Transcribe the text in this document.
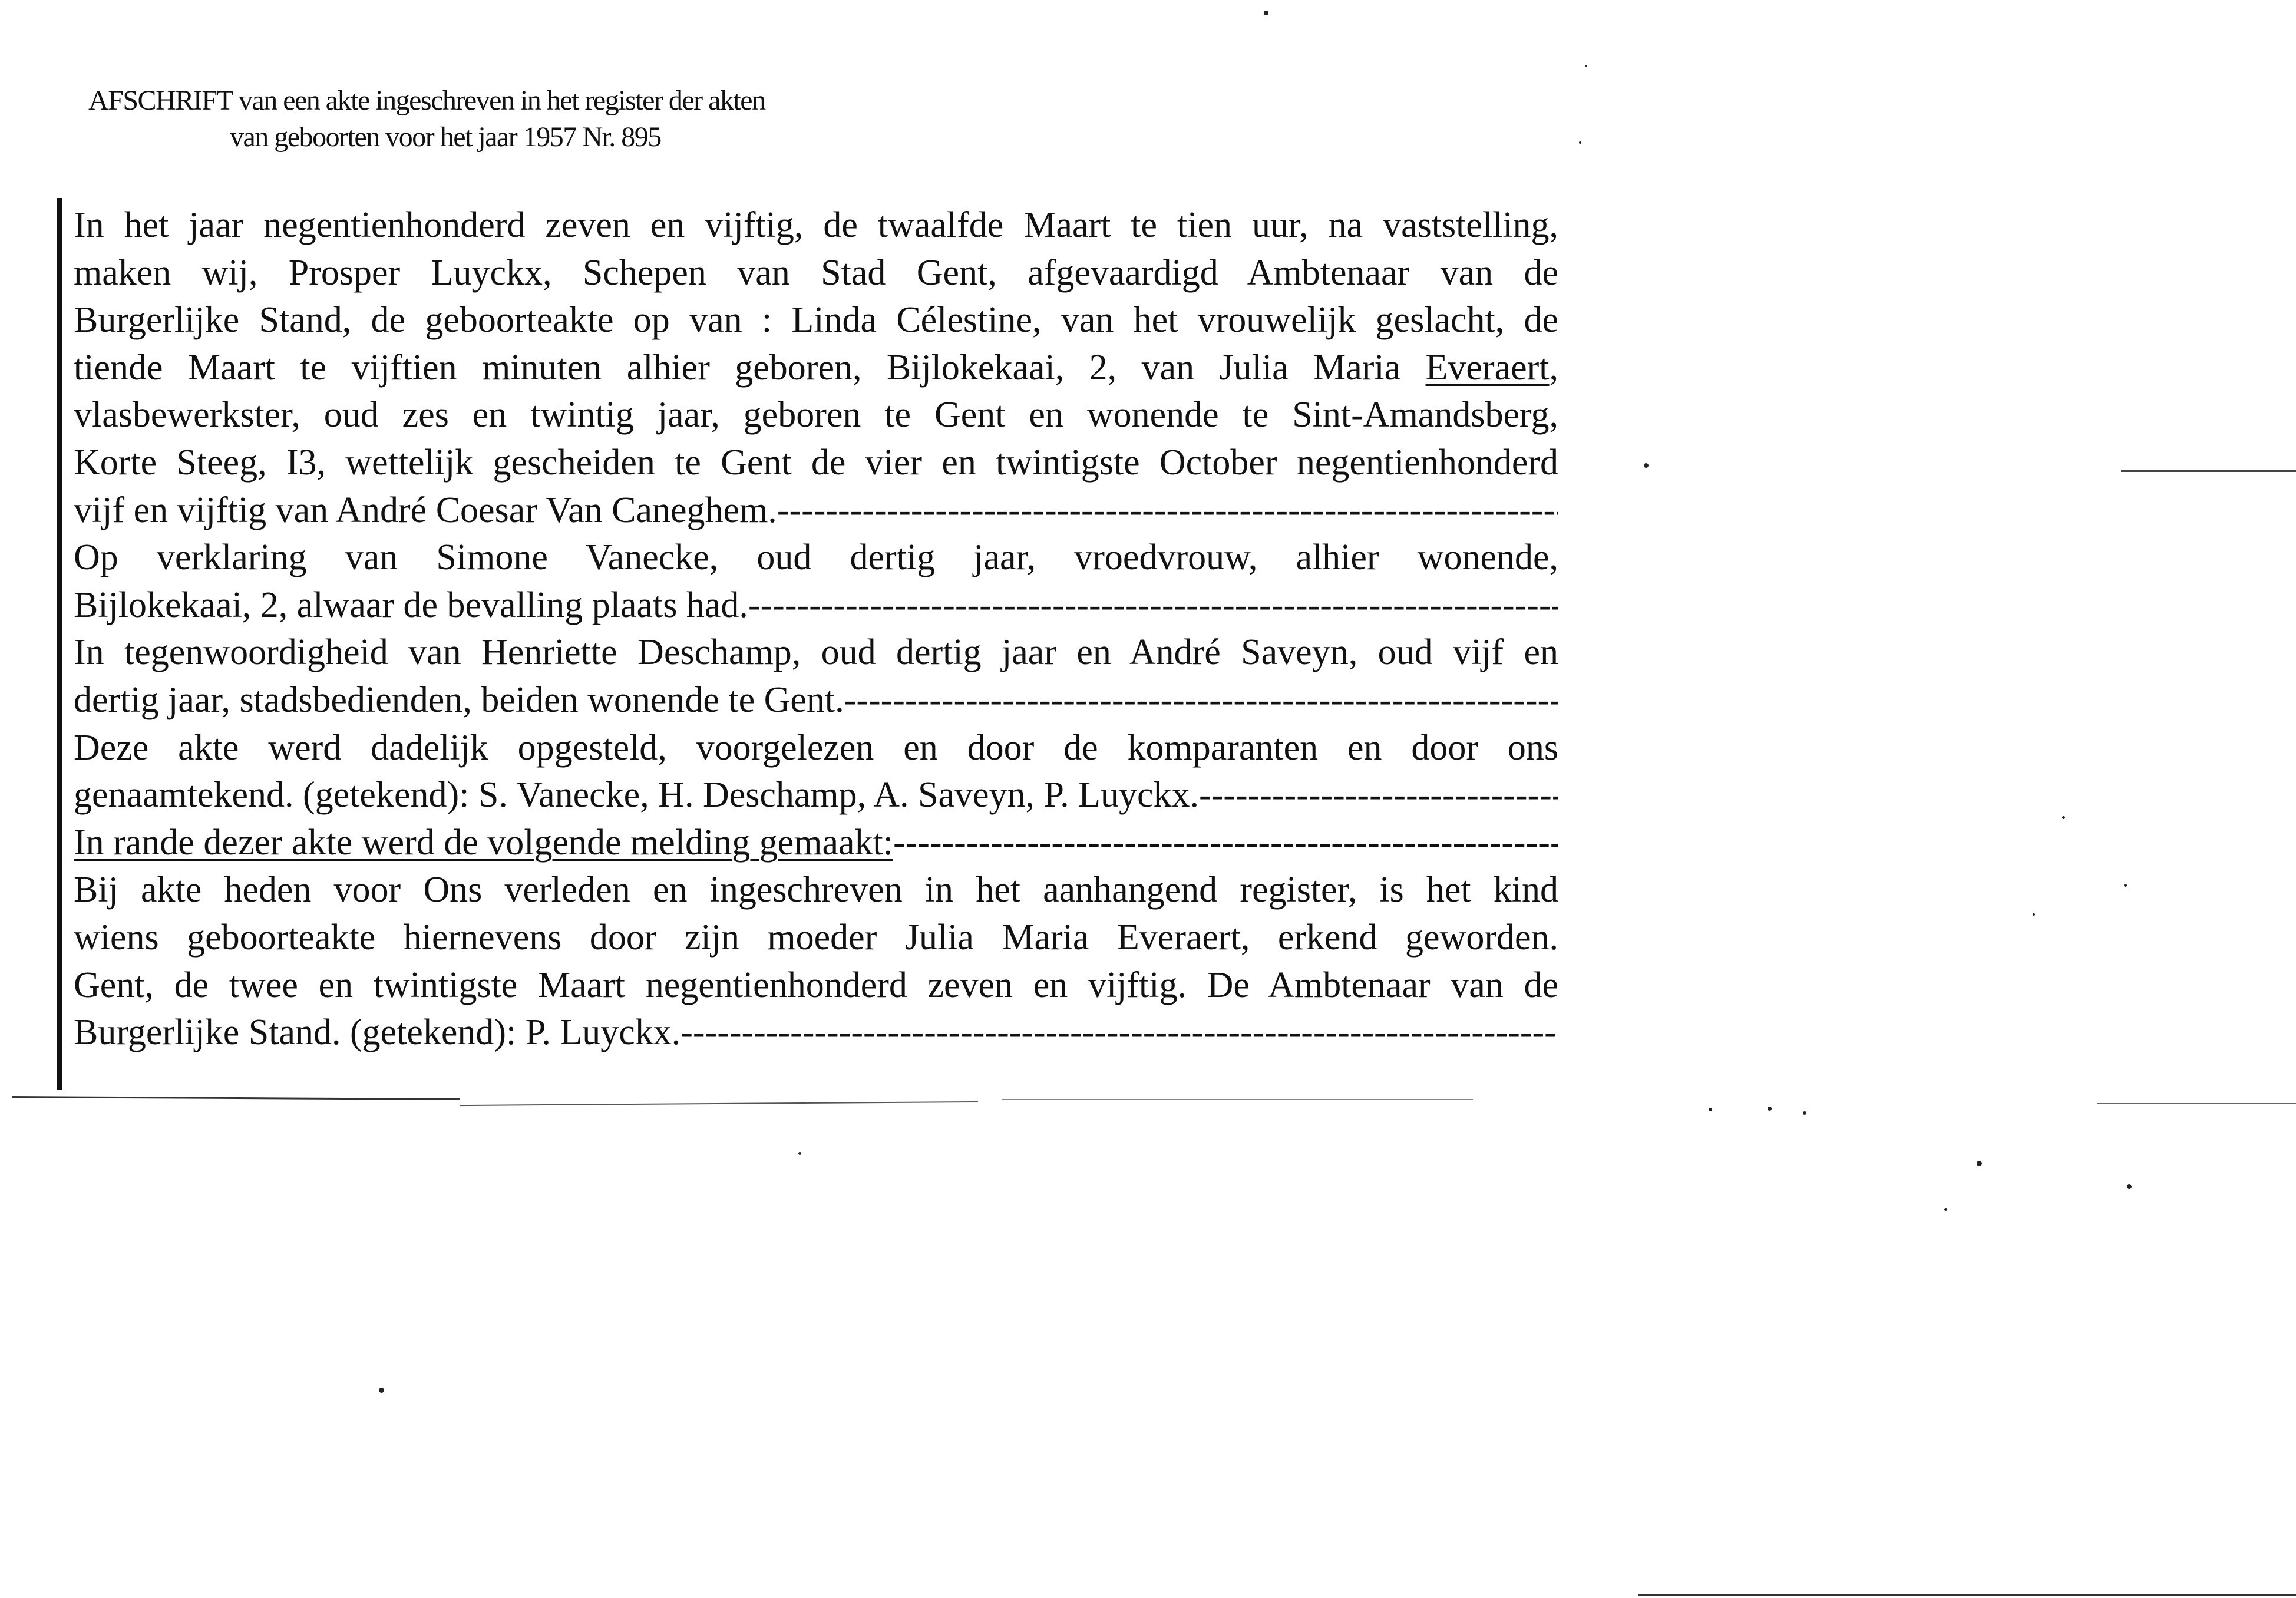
AFSCHRIFT van een akte ingeschreven in het register der akten
van geboorten voor het jaar 1957 Nr. 895

In het jaar negentienhonderd zeven en vijftig, de twaalfde Maart te tien uur, na vaststelling,

maken wij, Prosper Luyckx, Schepen van Stad Gent, afgevaardigd Ambtenaar van de

Burgerlijke Stand, de geboorteakte op van : Linda Célestine, van het vrouwelijk geslacht, de

tiende Maart te vijftien minuten alhier geboren, Bijlokekaai, 2, van Julia Maria Everaert,

vlasbewerkster, oud zes en twintig jaar, geboren te Gent en wonende te Sint-Amandsberg,

Korte Steeg, I3, wettelijk gescheiden te Gent de vier en twintigste October negentienhonderd

vijf en vijftig van André Coesar Van Caneghem.
-----

Op verklaring van Simone Vanecke, oud dertig jaar, vroedvrouw, alhier wonende,

Bijlokekaai, 2, alwaar de bevalling plaats had.
-----

In tegenwoordigheid van Henriette Deschamp, oud dertig jaar en André Saveyn, oud vijf en

dertig jaar, stadsbedienden, beiden wonende te Gent.
-----

Deze akte werd dadelijk opgesteld, voorgelezen en door de komparanten en door ons

genaamtekend. (getekend): S. Vanecke, H. Deschamp, A. Saveyn, P. Luyckx.
-----
In rande dezer akte werd de volgende melding gemaakt:
-----

Bij akte heden voor Ons verleden en ingeschreven in het aanhangend register, is het kind

wiens geboorteakte hiernevens door zijn moeder Julia Maria Everaert, erkend geworden.

Gent, de twee en twintigste Maart negentienhonderd zeven en vijftig. De Ambtenaar van de

Burgerlijke Stand. (getekend): P. Luyckx.
-----
